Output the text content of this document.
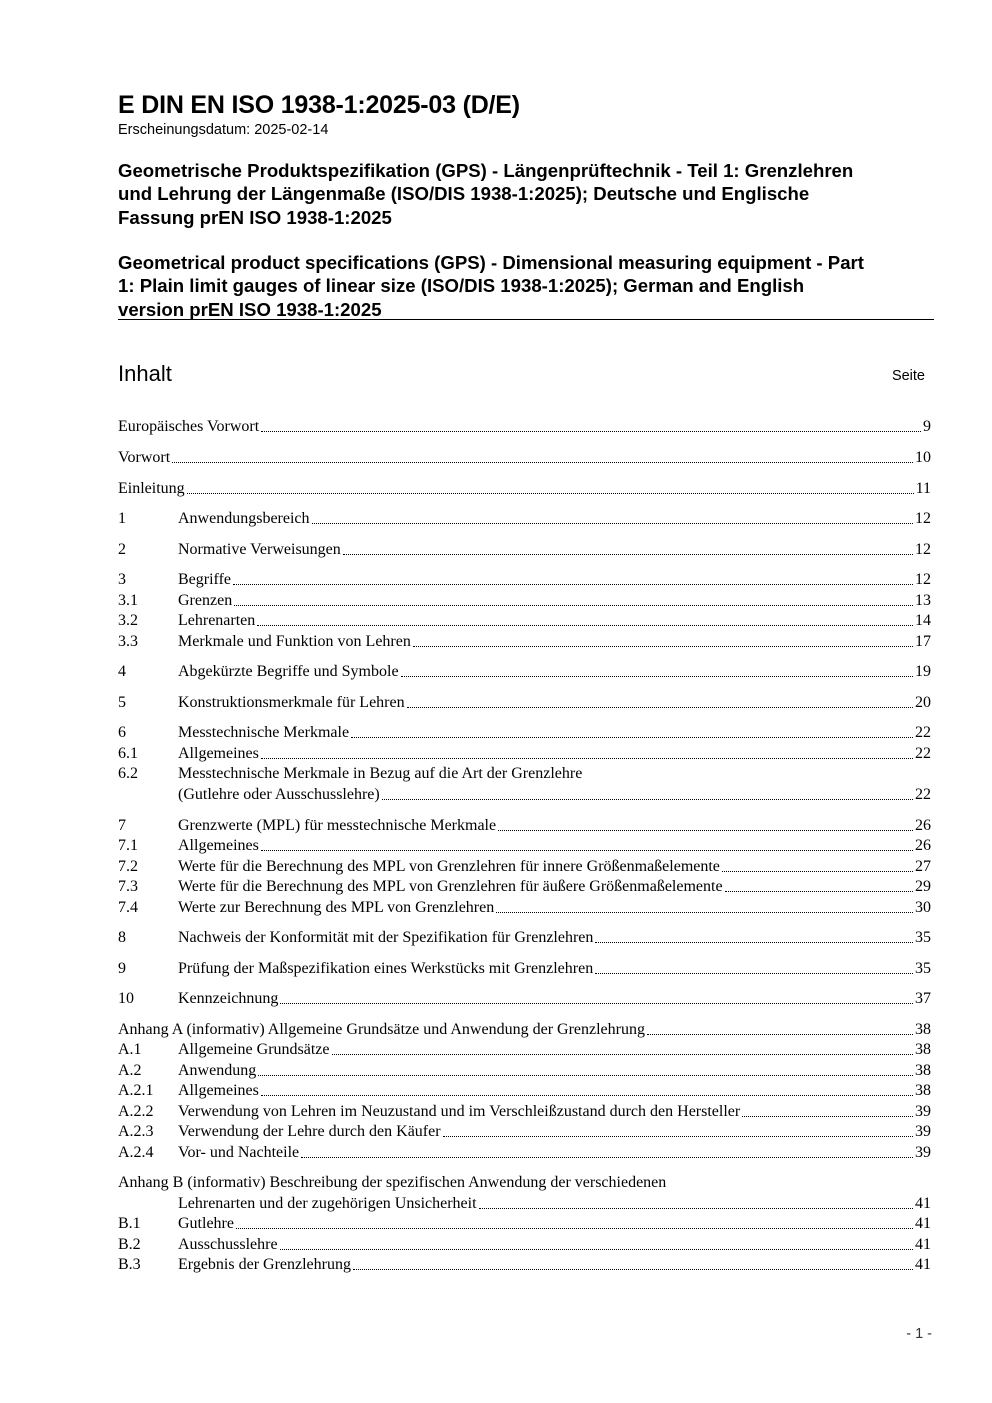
E DIN EN ISO 1938-1:2025-03 (D/E)
Erscheinungsdatum: 2025-02-14
Geometrische Produktspezifikation (GPS) - Längenprüftechnik - Teil 1: Grenzlehren
und Lehrung der Längenmaße (ISO/DIS 1938-1:2025); Deutsche und Englische
Fassung prEN ISO 1938-1:2025
Geometrical product specifications (GPS) - Dimensional measuring equipment - Part
1: Plain limit gauges of linear size (ISO/DIS 1938-1:2025); German and English
version prEN ISO 1938-1:2025
Inhalt	Seite
Europäisches Vorwort	9
Vorwort	10
Einleitung	11
1	Anwendungsbereich	12
2	Normative Verweisungen	12
3	Begriffe	12
3.1	Grenzen	13
3.2	Lehrenarten	14
3.3	Merkmale und Funktion von Lehren	17
4	Abgekürzte Begriffe und Symbole	19
5	Konstruktionsmerkmale für Lehren	20
6	Messtechnische Merkmale	22
6.1	Allgemeines	22
6.2	Messtechnische Merkmale in Bezug auf die Art der Grenzlehre
(Gutlehre oder Ausschusslehre)	22
7	Grenzwerte (MPL) für messtechnische Merkmale	26
7.1	Allgemeines	26
7.2	Werte für die Berechnung des MPL von Grenzlehren für innere Größenmaßelemente	27
7.3	Werte für die Berechnung des MPL von Grenzlehren für äußere Größenmaßelemente	29
7.4	Werte zur Berechnung des MPL von Grenzlehren	30
8	Nachweis der Konformität mit der Spezifikation für Grenzlehren	35
9	Prüfung der Maßspezifikation eines Werkstücks mit Grenzlehren	35
10	Kennzeichnung	37
Anhang A (informativ) Allgemeine Grundsätze und Anwendung der Grenzlehrung	38
A.1	Allgemeine Grundsätze	38
A.2	Anwendung	38
A.2.1	Allgemeines	38
A.2.2	Verwendung von Lehren im Neuzustand und im Verschleißzustand durch den Hersteller	39
A.2.3	Verwendung der Lehre durch den Käufer	39
A.2.4	Vor- und Nachteile	39
Anhang B (informativ) Beschreibung der spezifischen Anwendung der verschiedenen
Lehrenarten und der zugehörigen Unsicherheit	41
B.1	Gutlehre	41
B.2	Ausschusslehre	41
B.3	Ergebnis der Grenzlehrung	41
- 1 -
